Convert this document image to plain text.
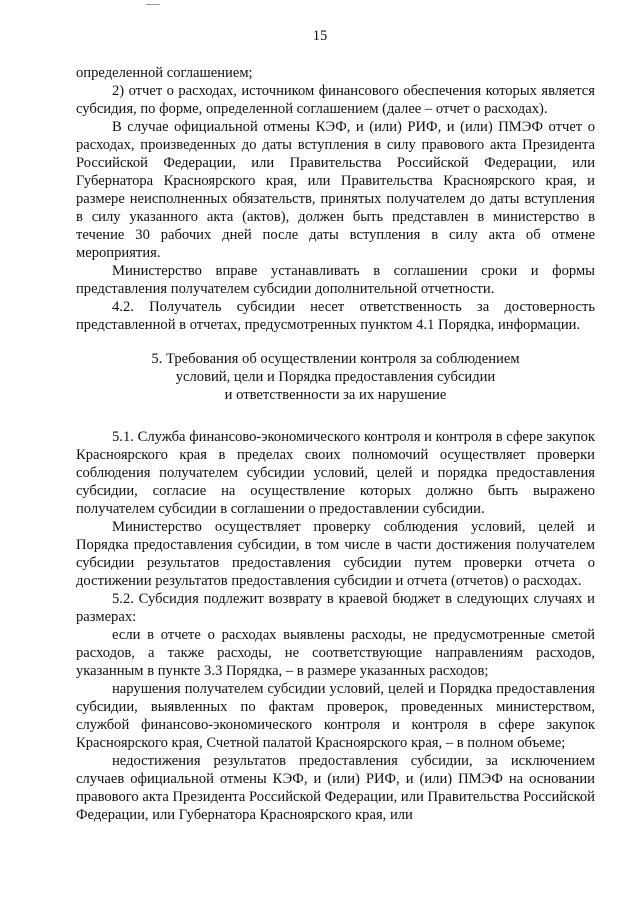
15

определенной соглашением;

2) отчет о расходах, источником финансового обеспечения которых является субсидия, по форме, определенной соглашением (далее – отчет о расходах).

В случае официальной отмены КЭФ, и (или) РИФ, и (или) ПМЭФ отчет о расходах, произведенных до даты вступления в силу правового акта Президента Российской Федерации, или Правительства Российской Федерации, или Губернатора Красноярского края, или Правительства Красноярского края, и размере неисполненных обязательств, принятых получателем до даты вступления в силу указанного акта (актов), должен быть представлен в министерство в течение 30 рабочих дней после даты вступления в силу акта об отмене мероприятия.

Министерство вправе устанавливать в соглашении сроки и формы представления получателем субсидии дополнительной отчетности.

4.2. Получатель субсидии несет ответственность за достоверность представленной в отчетах, предусмотренных пунктом 4.1 Порядка, информации.

5. Требования об осуществлении контроля за соблюдением
условий, цели и Порядка предоставления субсидии
и ответственности за их нарушение

5.1. Служба финансово-экономического контроля и контроля в сфере закупок Красноярского края в пределах своих полномочий осуществляет проверки соблюдения получателем субсидии условий, целей и порядка предоставления субсидии, согласие на осуществление которых должно быть выражено получателем субсидии в соглашении о предоставлении субсидии.

Министерство осуществляет проверку соблюдения условий, целей и Порядка предоставления субсидии, в том числе в части достижения получателем субсидии результатов предоставления субсидии путем проверки отчета о достижении результатов предоставления субсидии и отчета (отчетов) о расходах.

5.2. Субсидия подлежит возврату в краевой бюджет в следующих случаях и размерах:

если в отчете о расходах выявлены расходы, не предусмотренные сметой расходов, а также расходы, не соответствующие направлениям расходов, указанным в пункте 3.3 Порядка, – в размере указанных расходов;

нарушения получателем субсидии условий, целей и Порядка предоставления субсидии, выявленных по фактам проверок, проведенных министерством, службой финансово-экономического контроля и контроля в сфере закупок Красноярского края, Счетной палатой Красноярского края, – в полном объеме;

недостижения результатов предоставления субсидии, за исключением случаев официальной отмены КЭФ, и (или) РИФ, и (или) ПМЭФ на основании правового акта Президента Российской Федерации, или Правительства Российской Федерации, или Губернатора Красноярского края, или
